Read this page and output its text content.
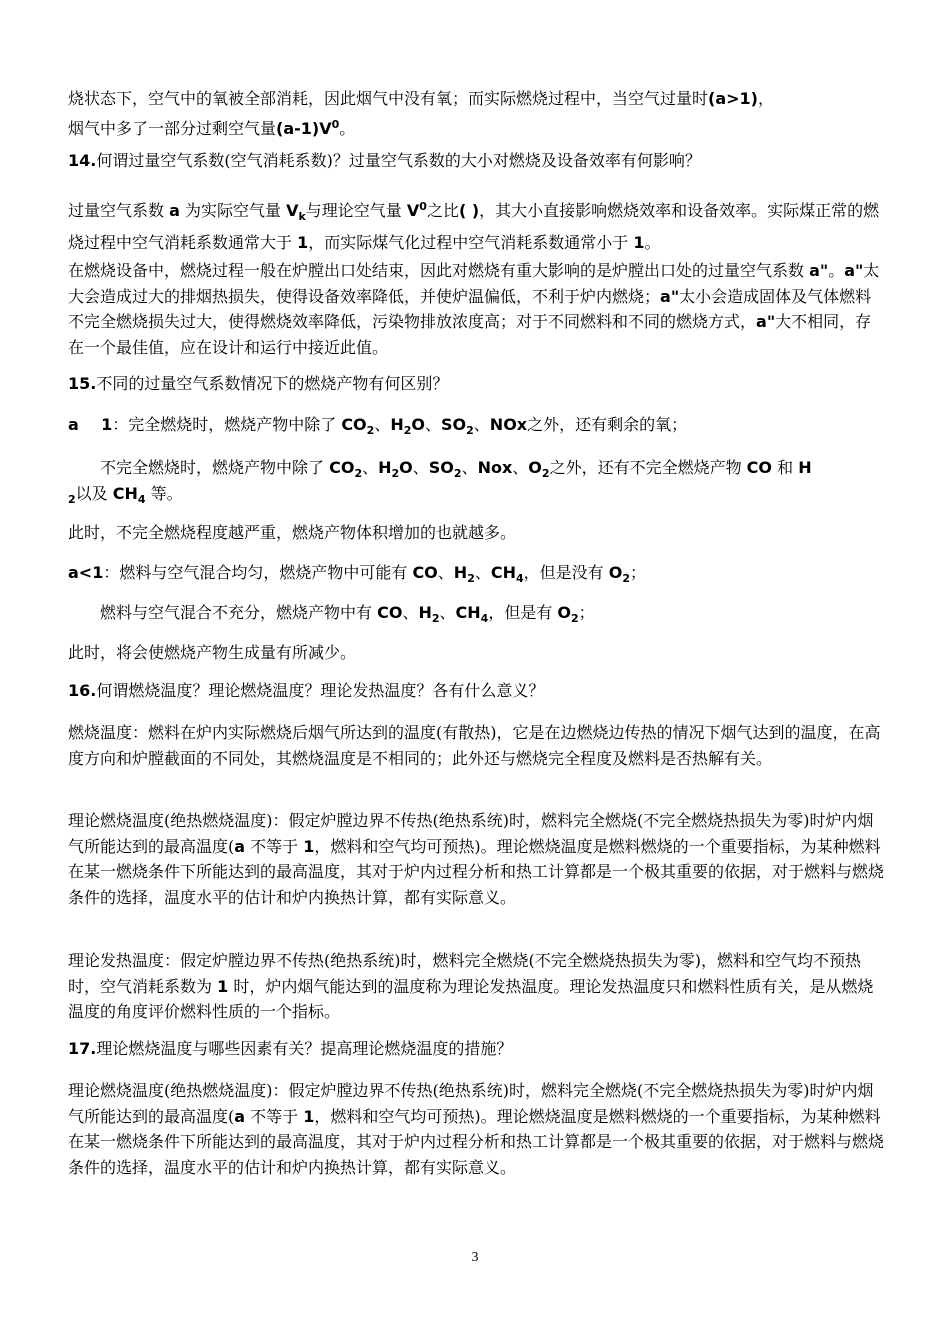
烧状态下，空气中的氧被全部消耗，因此烟气中没有氧；而实际燃烧过程中，当空气过量时(a>1)，
烟气中多了一部分过剩空气量$(a-1)V^0$。

14.何谓过量空气系数(空气消耗系数)？过量空气系数的大小对燃烧及设备效率有何影响？

过量空气系数 a 为实际空气量 $V_k$与理论空气量 $V^0$之比( )，其大小直接影响燃烧效率和设备效率。实际煤正常的燃烧过程中空气消耗系数通常大于 1，而实际煤气化过程中空气消耗系数通常小于 1。

在燃烧设备中，燃烧过程一般在炉膛出口处结束，因此对燃烧有重大影响的是炉膛出口处的过量空气系数 a"。a"太大会造成过大的排烟热损失，使得设备效率降低，并使炉温偏低，不利于炉内燃烧；a"太小会造成固体及气体燃料不完全燃烧损失过大，使得燃烧效率降低，污染物排放浓度高；对于不同燃料和不同的燃烧方式，a"大不相同，存在一个最佳值，应在设计和运行中接近此值。

15.不同的过量空气系数情况下的燃烧产物有何区别？

a    1：完全燃烧时，燃烧产物中除了 $CO_2$、$H_2O$、$SO_2$、NOx之外，还有剩余的氧；

不完全燃烧时，燃烧产物中除了 $CO_2$、$H_2O$、$SO_2$、Nox、$O_2$之外，还有不完全燃烧产物 CO 和 H

$_2$以及 $CH_4$ 等。

此时，不完全燃烧程度越严重，燃烧产物体积增加的也就越多。

a<1：燃料与空气混合均匀，燃烧产物中可能有 CO、$H_2$、$CH_4$，但是没有 $O_2$；

燃料与空气混合不充分，燃烧产物中有 CO、$H_2$、$CH_4$，但是有 $O_2$；

此时，将会使燃烧产物生成量有所减少。

16.何谓燃烧温度？理论燃烧温度？理论发热温度？各有什么意义？

燃烧温度：燃料在炉内实际燃烧后烟气所达到的温度(有散热)，它是在边燃烧边传热的情况下烟气达到的温度，在高度方向和炉膛截面的不同处，其燃烧温度是不相同的；此外还与燃烧完全程度及燃料是否热解有关。

理论燃烧温度(绝热燃烧温度)：假定炉膛边界不传热(绝热系统)时，燃料完全燃烧(不完全燃烧热损失为零)时炉内烟气所能达到的最高温度(a 不等于 1，燃料和空气均可预热)。理论燃烧温度是燃料燃烧的一个重要指标，为某种燃料在某一燃烧条件下所能达到的最高温度，其对于炉内过程分析和热工计算都是一个极其重要的依据，对于燃料与燃烧条件的选择，温度水平的估计和炉内换热计算，都有实际意义。

理论发热温度：假定炉膛边界不传热(绝热系统)时，燃料完全燃烧(不完全燃烧热损失为零)，燃料和空气均不预热时，空气消耗系数为 1 时，炉内烟气能达到的温度称为理论发热温度。理论发热温度只和燃料性质有关，是从燃烧温度的角度评价燃料性质的一个指标。

17.理论燃烧温度与哪些因素有关？提高理论燃烧温度的措施？

理论燃烧温度(绝热燃烧温度)：假定炉膛边界不传热(绝热系统)时，燃料完全燃烧(不完全燃烧热损失为零)时炉内烟气所能达到的最高温度(a 不等于 1，燃料和空气均可预热)。理论燃烧温度是燃料燃烧的一个重要指标，为某种燃料在某一燃烧条件下所能达到的最高温度，其对于炉内过程分析和热工计算都是一个极其重要的依据，对于燃料与燃烧条件的选择，温度水平的估计和炉内换热计算，都有实际意义。

3
